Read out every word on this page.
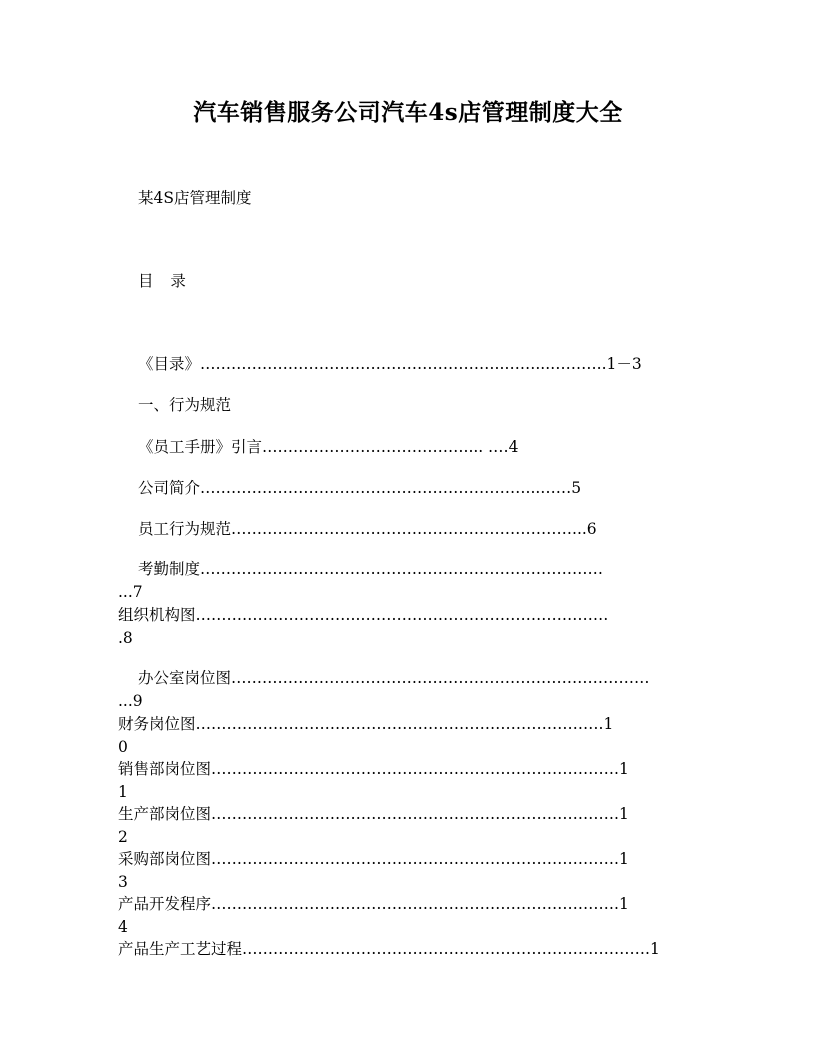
汽车销售服务公司汽车4s店管理制度大全
某4S店管理制度
目 录
《目录》…………………………………………………..……...………..1－3
一、行为规范
《员工手册》引言………………………………….... .…4
公司简介………………………………………………………...……5
员工行为规范…………………………………………………………...6
考勤制度……………………………………………………………………
...7
组织机构图…………………………..…………………………………………
.8
办公室岗位图………………………………………………………………………
...9
财务岗位图…………………………………………………………………….1
0
销售部岗位图…………………………………………………………………….1
1
生产部岗位图…………………………………………………………………….1
2
采购部岗位图…………………………………………………………………….1
3
产品开发程序…………………………………………………………………….1
4
产品生产工艺过程…………………………………………………………………….1
